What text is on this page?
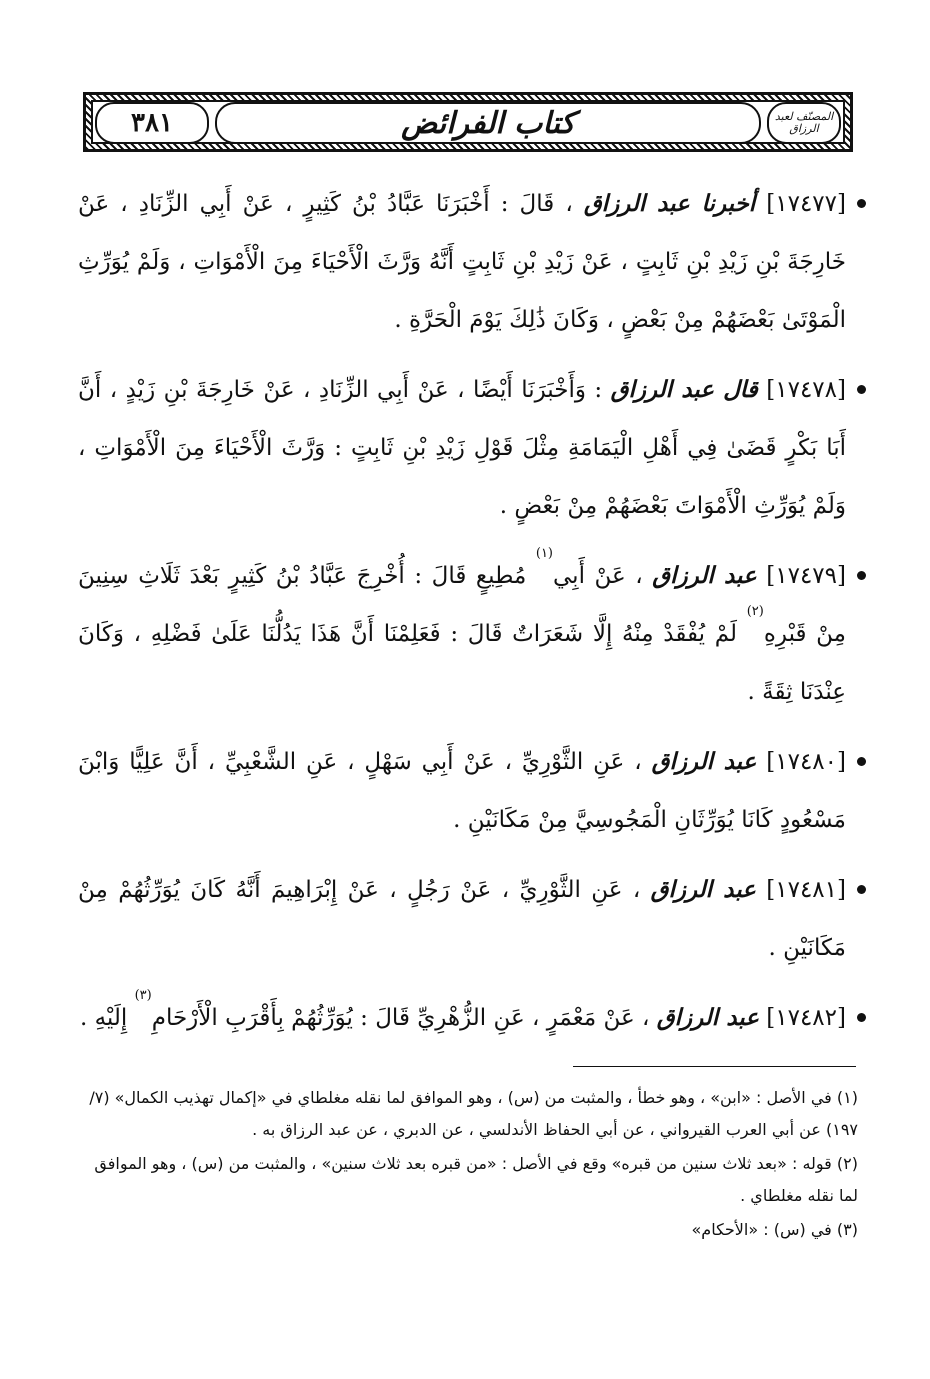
٣٨١	كتاب الفرائض	المصنّف لعبد الرزاق

[١٧٤٧٧] أخبرنا عبد الرزاق ، قَالَ : أَخْبَرَنَا عَبَّادُ بْنُ كَثِيرٍ ، عَنْ أَبِي الزِّنَادِ ، عَنْ خَارِجَةَ بْنِ زَيْدِ بْنِ ثَابِتٍ ، عَنْ زَيْدِ بْنِ ثَابِتٍ أَنَّهُ وَرَّثَ الْأَحْيَاءَ مِنَ الْأَمْوَاتِ ، وَلَمْ يُوَرِّثِ الْمَوْتَىٰ بَعْضَهُمْ مِنْ بَعْضٍ ، وَكَانَ ذَٰلِكَ يَوْمَ الْحَرَّةِ .

[١٧٤٧٨] قال عبد الرزاق : وَأَخْبَرَنَا أَيْضًا ، عَنْ أَبِي الزِّنَادِ ، عَنْ خَارِجَةَ بْنِ زَيْدٍ ، أَنَّ أَبَا بَكْرٍ قَضَىٰ فِي أَهْلِ الْيَمَامَةِ مِثْلَ قَوْلِ زَيْدِ بْنِ ثَابِتٍ : وَرَّثَ الْأَحْيَاءَ مِنَ الْأَمْوَاتِ ، وَلَمْ يُوَرِّثِ الْأَمْوَاتَ بَعْضَهُمْ مِنْ بَعْضٍ .

[١٧٤٧٩] عبد الرزاق ، عَنْ أَبِي$^{(١)}$ مُطِيعٍ قَالَ : أُخْرِجَ عَبَّادُ بْنُ كَثِيرٍ بَعْدَ ثَلَاثِ سِنِينَ مِنْ قَبْرِهِ$^{(٢)}$ لَمْ يُفْقَدْ مِنْهُ إِلَّا شَعَرَاتٌ قَالَ : فَعَلِمْنَا أَنَّ هَذَا يَدُلُّنَا عَلَىٰ فَضْلِهِ ، وَكَانَ عِنْدَنَا ثِقَةً .

[١٧٤٨٠] عبد الرزاق ، عَنِ الثَّوْرِيِّ ، عَنْ أَبِي سَهْلٍ ، عَنِ الشَّعْبِيِّ ، أَنَّ عَلِيًّا وَابْنَ مَسْعُودٍ كَانَا يُوَرِّثَانِ الْمَجُوسِيَّ مِنْ مَكَانَيْنِ .

[١٧٤٨١] عبد الرزاق ، عَنِ الثَّوْرِيِّ ، عَنْ رَجُلٍ ، عَنْ إِبْرَاهِيمَ أَنَّهُ كَانَ يُوَرِّثُهُمْ مِنْ مَكَانَيْنِ .

[١٧٤٨٢] عبد الرزاق ، عَنْ مَعْمَرٍ ، عَنِ الزُّهْرِيِّ قَالَ : يُوَرِّثُهُمْ بِأَقْرَبِ الْأَرْحَامِ$^{(٣)}$ إِلَيْهِ .

(١) في الأصل : «ابن» ، وهو خطأ ، والمثبت من (س) ، وهو الموافق لما نقله مغلطاي في «إكمال تهذيب الكمال» (٧/ ١٩٧) عن أبي العرب القيرواني ، عن أبي الحفاظ الأندلسي ، عن الدبري ، عن عبد الرزاق به .
(٢) قوله : «بعد ثلاث سنين من قبره» وقع في الأصل : «من قبره بعد ثلاث سنين» ، والمثبت من (س) ، وهو الموافق لما نقله مغلطاي .
(٣) في (س) : «الأحكام»
